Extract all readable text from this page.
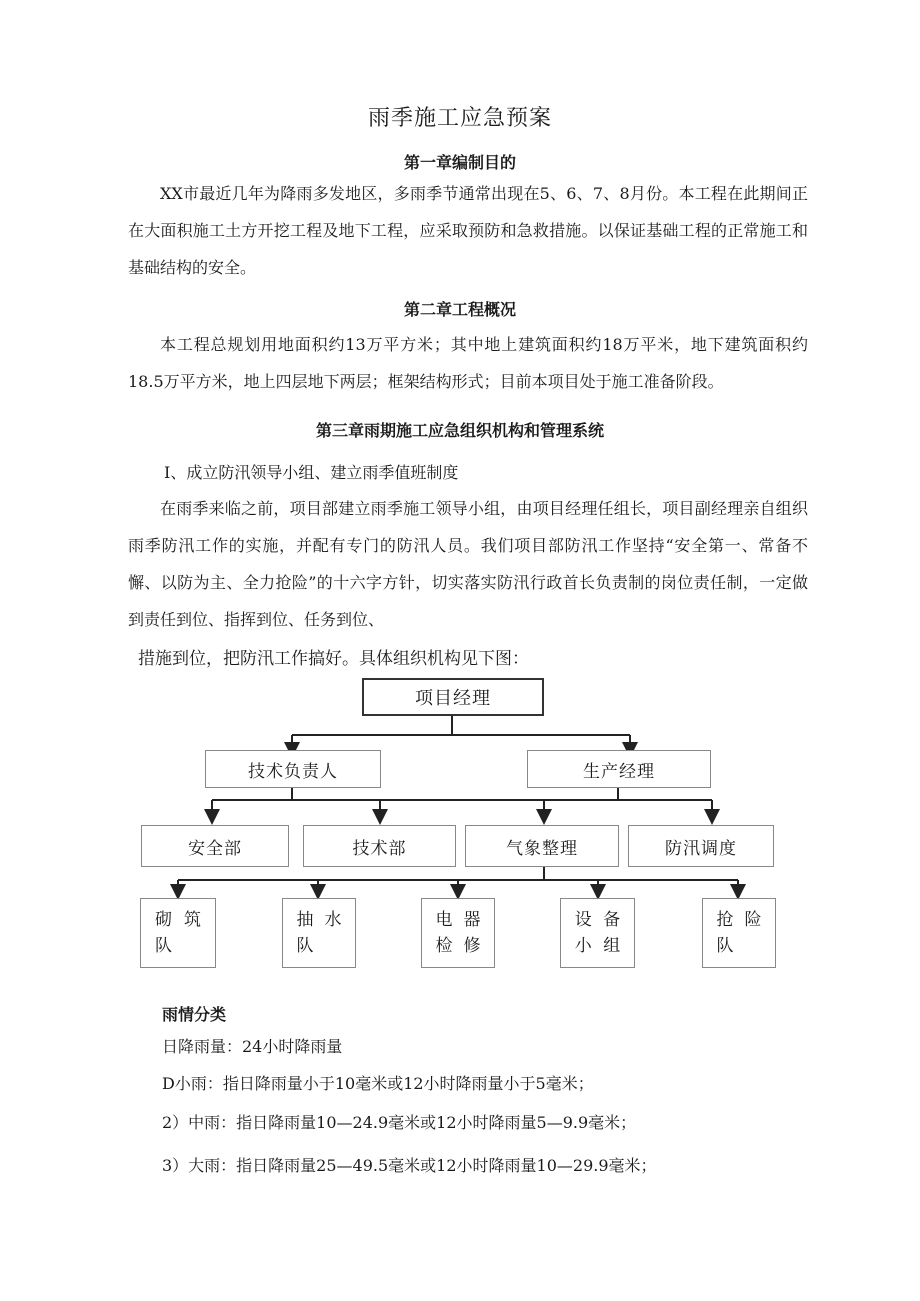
雨季施工应急预案
第一章编制目的
XX市最近几年为降雨多发地区，多雨季节通常出现在5、6、7、8月份。本工程在此期间正在大面积施工土方开挖工程及地下工程，应采取预防和急救措施。以保证基础工程的正常施工和基础结构的安全。
第二章工程概况
本工程总规划用地面积约13万平方米；其中地上建筑面积约18万平米，地下建筑面积约18.5万平方米，地上四层地下两层；框架结构形式；目前本项目处于施工准备阶段。
第三章雨期施工应急组织机构和管理系统
I、成立防汛领导小组、建立雨季值班制度
在雨季来临之前，项目部建立雨季施工领导小组，由项目经理任组长，项目副经理亲自组织雨季防汛工作的实施，并配有专门的防汛人员。我们项目部防汛工作坚持“安全第一、常备不懈、以防为主、全力抢险”的十六字方针，切实落实防汛行政首长负责制的岗位责任制，一定做到责任到位、指挥到位、任务到位、
措施到位，把防汛工作搞好。具体组织机构见下图：
项目经理
技术负责人	生产经理
安全部	技术部	气象整理	防汛调度
砌 筑
队
抽 水
队
电 器
检 修
设 备
小 组
抢 险
队
雨情分类
日降雨量：24小时降雨量
D小雨：指日降雨量小于10毫米或12小时降雨量小于5毫米；
2）中雨：指日降雨量10—24.9毫米或12小时降雨量5—9.9毫米；
3）大雨：指日降雨量25—49.5毫米或12小时降雨量10—29.9毫米；
